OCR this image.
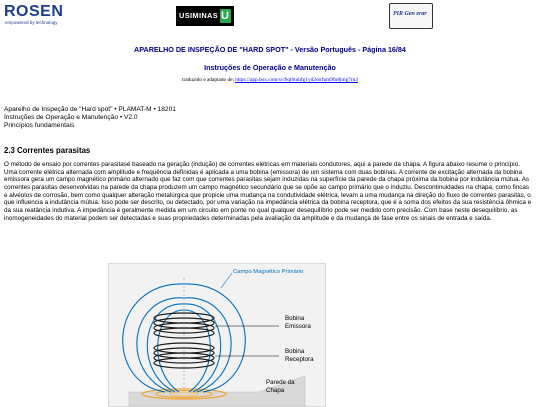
ROSEN
empowered by technology
USIMINAS U	PIR Gen erar
APARELHO DE INSPEÇÃO DE "HARD SPOT" - Versão Português - Página 16/84
Instruções de Operação e Manutenção
traduzido e adaptado de: https://app.box.com/s/c6ql6tuhfg1yd2otrfum9fn8jmg7rn3
Aparelho de Inspeção de "Hard spot" • PLAMAT-M • 18201
Instruções de Operação e Manutenção • V2.0
Princípios fundamentais
2.3 Correntes parasitas
O método de ensaio por correntes parasitasé baseado na geração (indução) de correntes elétricas em materiais condutores, aqui a parede da chapa. A figura abaixo resume o princípio. Uma corrente elétrica alternada com amplitude e frequência definidas é aplicada a uma bobina (emissora) de um sistema com duas bobinas. A corrente de excitação alternada da bobina emissora gera um campo magnético primário alternado que faz com que correntes parasitas sejam induzidas na superfície da parede da chapa próxima da bobina por indutância mútua. As correntes parasitas desenvolvidas na parede da chapa produzem um campo magnético secundário que se opõe ao campo primário que o induziu. Descontinuidades na chapa, como fincas e alvéolos de corrosão, bem como qualquer alteração metalúrgica que propicie uma mudança na condutividade elétrica, levam a uma mudança na direção do fluxo de correntes parasitas, o que influencia a indutância mútua. Isso pode ser descrito, ou detectado, por uma variação na impedância elétrica da bobina receptora, que é a soma dos efeitos da sua resistência ôhmica e da sua reatância indutiva. A impedância é geralmente medida em um circuito em ponte no qual qualquer desequilíbrio pode ser medido com precisão. Com base neste desequilíbrio, as inomogeneidades do material podem ser detectadas e suas propriedades determinadas pela avaliação da amplitude e da mudança de fase entre os sinais de entrada e saída.
Campo Magnético Primário
Bobina
Emissora
Bobina
Receptora
Parede da
Chapa
